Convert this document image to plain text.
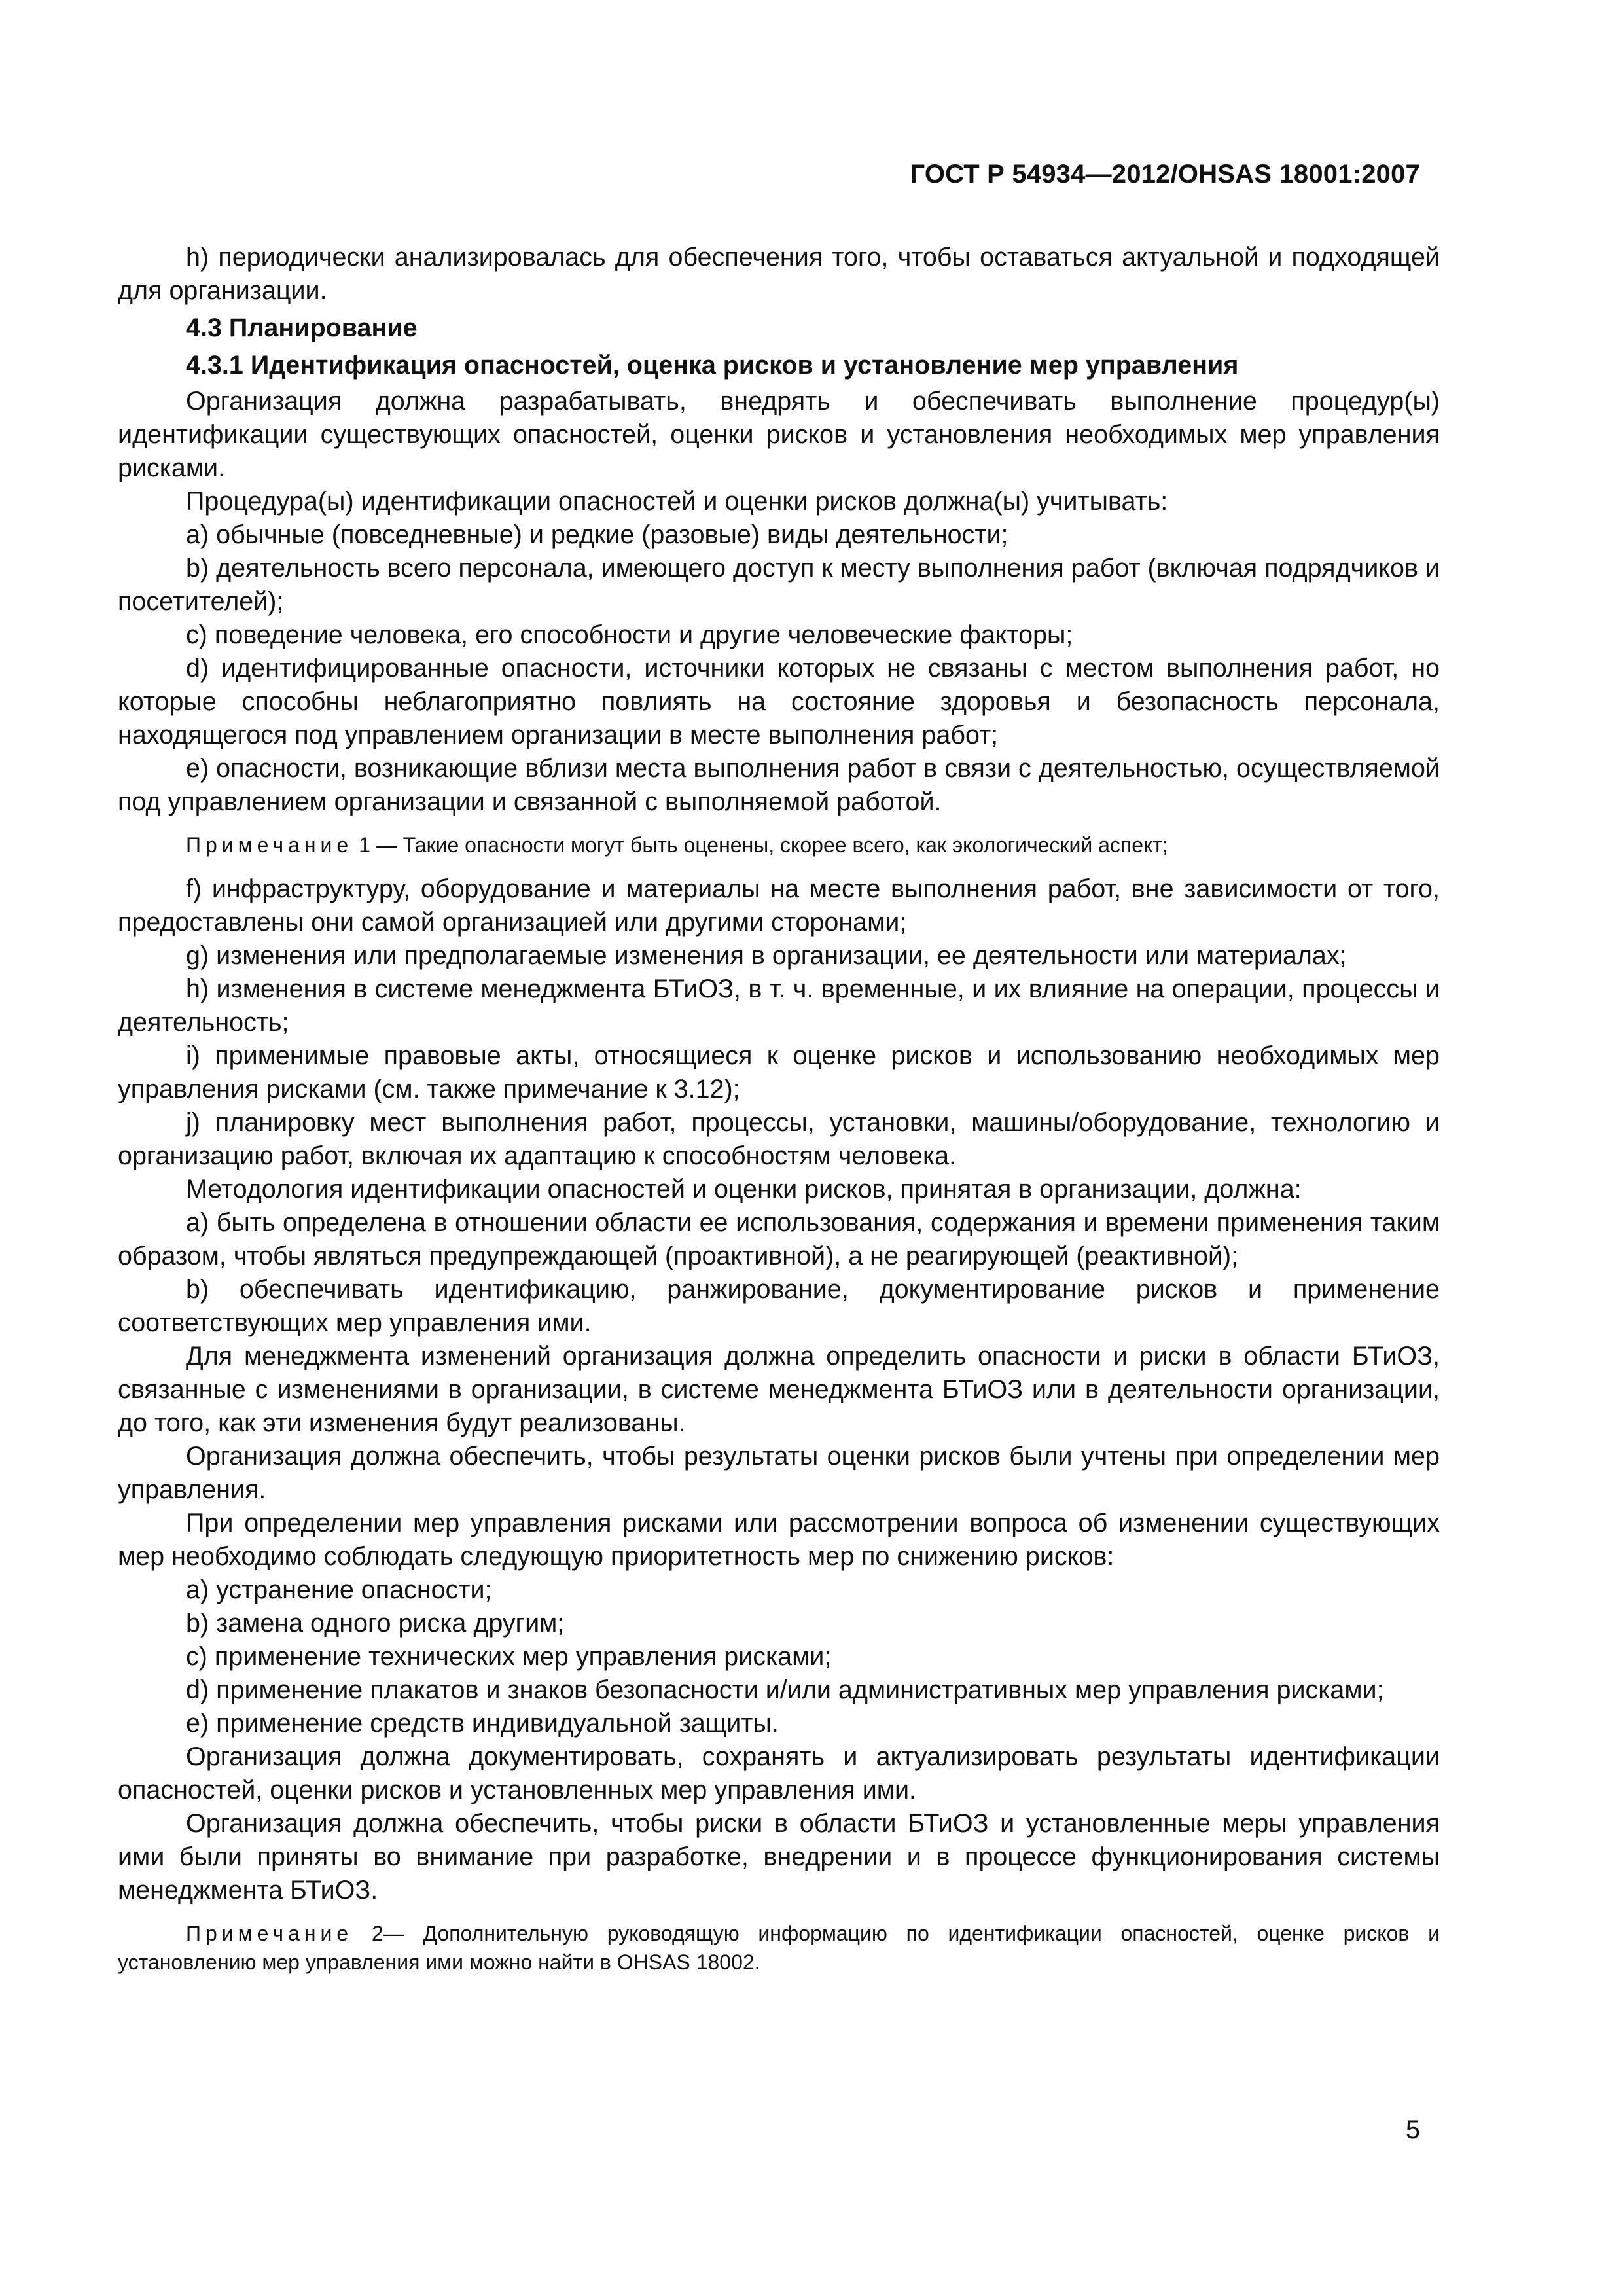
ГОСТ Р 54934—2012/OHSAS 18001:2007

h) периодически анализировалась для обеспечения того, чтобы оставаться актуальной и подходящей для организации.

4.3 Планирование

4.3.1 Идентификация опасностей, оценка рисков и установление мер управления

Организация должна разрабатывать, внедрять и обеспечивать выполнение процедур(ы) идентификации существующих опасностей, оценки рисков и установления необходимых мер управления рисками.

Процедура(ы) идентификации опасностей и оценки рисков должна(ы) учитывать:

a) обычные (повседневные) и редкие (разовые) виды деятельности;

b) деятельность всего персонала, имеющего доступ к месту выполнения работ (включая подрядчиков и посетителей);

c) поведение человека, его способности и другие человеческие факторы;

d) идентифицированные опасности, источники которых не связаны с местом выполнения работ, но которые способны неблагоприятно повлиять на состояние здоровья и безопасность персонала, находящегося под управлением организации в месте выполнения работ;

e) опасности, возникающие вблизи места выполнения работ в связи с деятельностью, осуществляемой под управлением организации и связанной с выполняемой работой.

Примечание 1 — Такие опасности могут быть оценены, скорее всего, как экологический аспект;

f) инфраструктуру, оборудование и материалы на месте выполнения работ, вне зависимости от того, предоставлены они самой организацией или другими сторонами;

g) изменения или предполагаемые изменения в организации, ее деятельности или материалах;

h) изменения в системе менеджмента БТиОЗ, в т. ч. временные, и их влияние на операции, процессы и деятельность;

i) применимые правовые акты, относящиеся к оценке рисков и использованию необходимых мер управления рисками (см. также примечание к 3.12);

j) планировку мест выполнения работ, процессы, установки, машины/оборудование, технологию и организацию работ, включая их адаптацию к способностям человека.

Методология идентификации опасностей и оценки рисков, принятая в организации, должна:

a) быть определена в отношении области ее использования, содержания и времени применения таким образом, чтобы являться предупреждающей (проактивной), а не реагирующей (реактивной);

b) обеспечивать идентификацию, ранжирование, документирование рисков и применение соответствующих мер управления ими.

Для менеджмента изменений организация должна определить опасности и риски в области БТиОЗ, связанные с изменениями в организации, в системе менеджмента БТиОЗ или в деятельности организации, до того, как эти изменения будут реализованы.

Организация должна обеспечить, чтобы результаты оценки рисков были учтены при определении мер управления.

При определении мер управления рисками или рассмотрении вопроса об изменении существующих мер необходимо соблюдать следующую приоритетность мер по снижению рисков:

a) устранение опасности;

b) замена одного риска другим;

c) применение технических мер управления рисками;

d) применение плакатов и знаков безопасности и/или административных мер управления рисками;

e) применение средств индивидуальной защиты.

Организация должна документировать, сохранять и актуализировать результаты идентификации опасностей, оценки рисков и установленных мер управления ими.

Организация должна обеспечить, чтобы риски в области БТиОЗ и установленные меры управления ими были приняты во внимание при разработке, внедрении и в процессе функционирования системы менеджмента БТиОЗ.

Примечание 2— Дополнительную руководящую информацию по идентификации опасностей, оценке рисков и установлению мер управления ими можно найти в OHSAS 18002.

5
